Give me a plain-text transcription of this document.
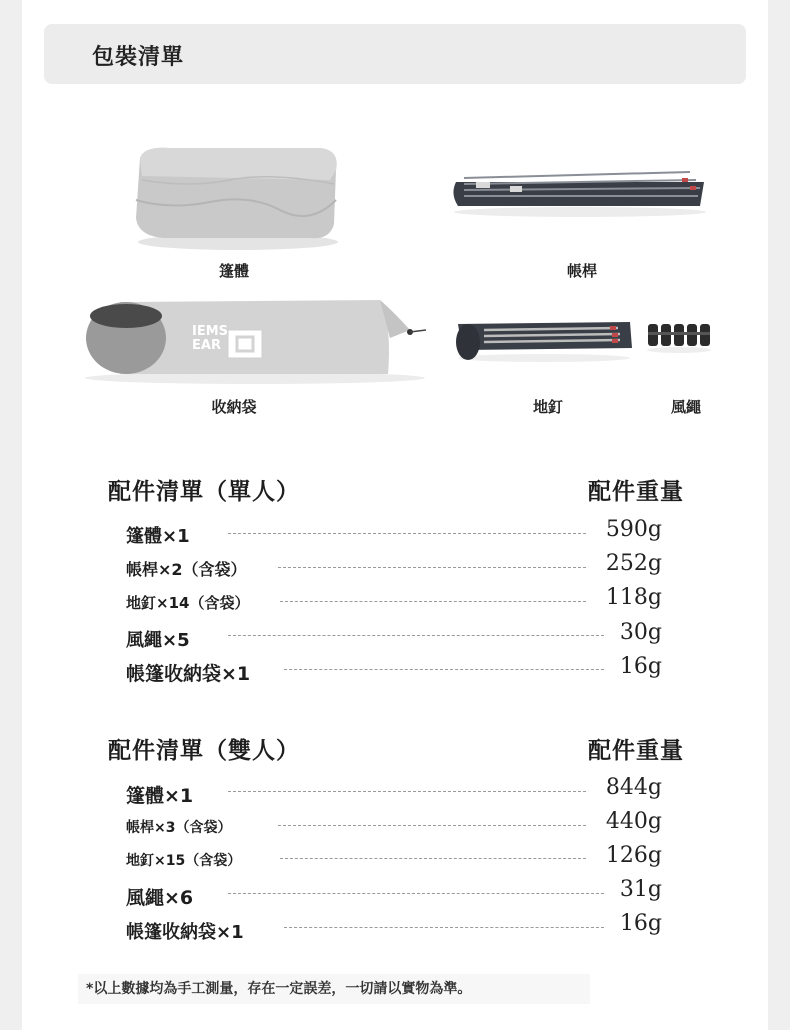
包裝清單
篷體	帳桿
IEMS
EAR
收納袋	地釘	風繩
配件清單（單人）	配件重量
篷體×1	590g
帳桿×2（含袋）	252g
地釘×14（含袋）	118g
風繩×5	30g
帳篷收納袋×1	16g
配件清單（雙人）	配件重量
篷體×1	844g
帳桿×3（含袋）	440g
地釘×15（含袋）	126g
風繩×6	31g
帳篷收納袋×1	16g
*以上數據均為手工測量，存在一定誤差，一切請以實物為準。
